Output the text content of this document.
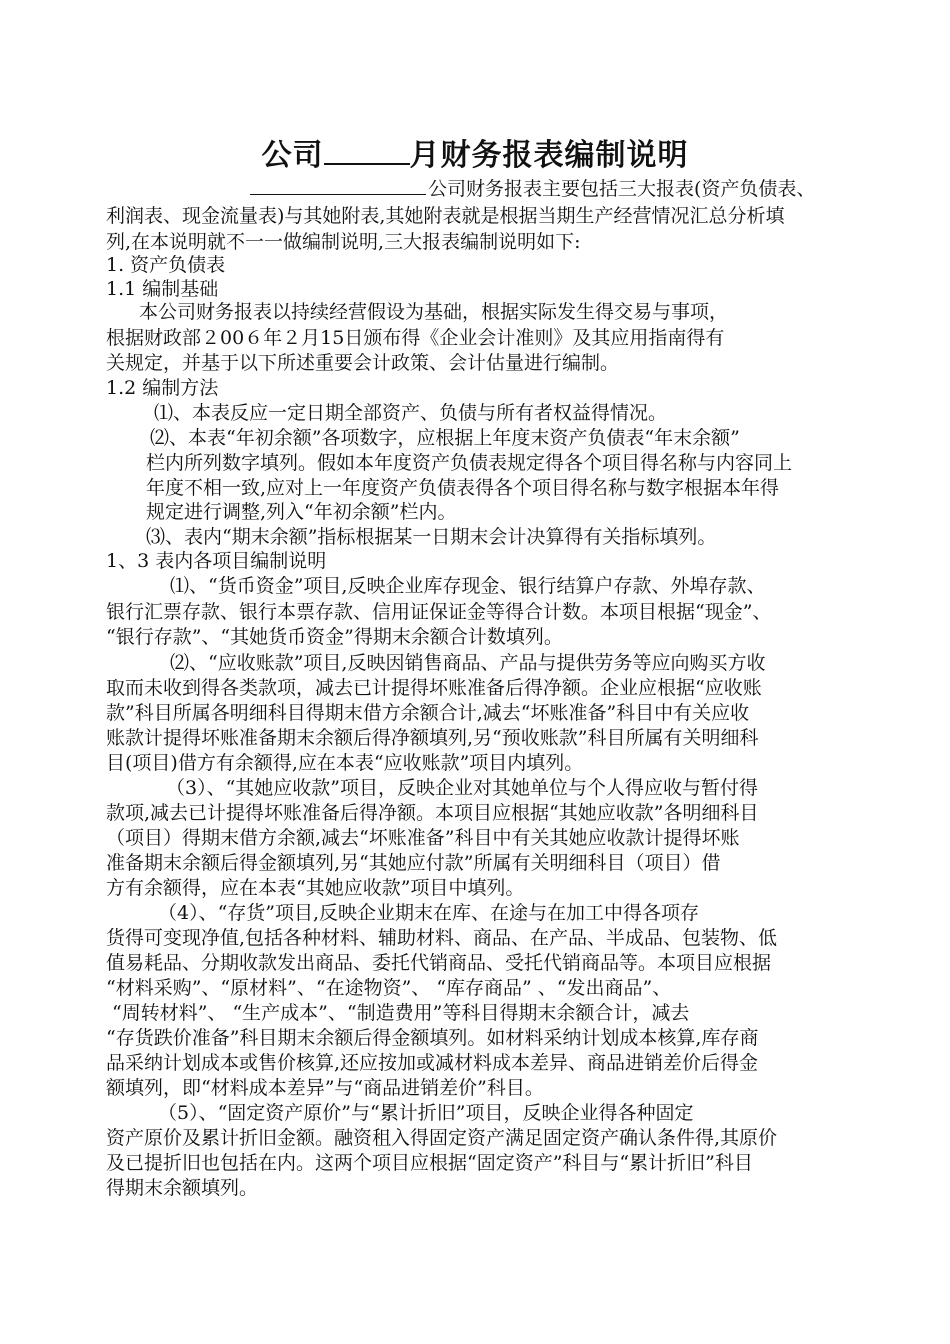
公司	月财务报表编制说明
公司财务报表主要包括三大报表(资产负债表、
利润表、现金流量表)与其她附表,其她附表就是根据当期生产经营情况汇总分析填
列,在本说明就不一一做编制说明,三大报表编制说明如下:
1. 资产负债表
1.1 编制基础
本公司财务报表以持续经营假设为基础，根据实际发生得交易与事项，
根据财政部２00６年２月15日颁布得《企业会计准则》及其应用指南得有
关规定，并基于以下所述重要会计政策、会计估量进行编制。
1.2 编制方法
⑴、本表反应一定日期全部资产、负债与所有者权益得情况。
⑵、本表“年初余额”各项数字，应根据上年度末资产负债表“年末余额”
栏内所列数字填列。假如本年度资产负债表规定得各个项目得名称与内容同上
年度不相一致,应对上一年度资产负债表得各个项目得名称与数字根据本年得
规定进行调整,列入“年初余额”栏内。
⑶、表内“期末余额”指标根据某一日期末会计决算得有关指标填列。
1、3 表内各项目编制说明
⑴、“货币资金”项目,反映企业库存现金、银行结算户存款、外埠存款、
银行汇票存款、银行本票存款、信用证保证金等得合计数。本项目根据“现金”、
“银行存款”、“其她货币资金”得期末余额合计数填列。
⑵、“应收账款”项目,反映因销售商品、产品与提供劳务等应向购买方收
取而未收到得各类款项，减去已计提得坏账准备后得净额。企业应根据“应收账
款”科目所属各明细科目得期末借方余额合计,减去“坏账准备”科目中有关应收
账款计提得坏账准备期末余额后得净额填列,另“预收账款”科目所属有关明细科
目(项目)借方有余额得,应在本表“应收账款”项目内填列。
（3）、“其她应收款”项目，反映企业对其她单位与个人得应收与暂付得
款项,减去已计提得坏账准备后得净额。本项目应根据“其她应收款”各明细科目
（项目）得期末借方余额,减去“坏账准备”科目中有关其她应收款计提得坏账
准备期末余额后得金额填列,另“其她应付款”所属有关明细科目（项目）借
方有余额得，应在本表“其她应收款”项目中填列。
（4）、“存货”项目,反映企业期末在库、在途与在加工中得各项存
货得可变现净值,包括各种材料、辅助材料、商品、在产品、半成品、包装物、低
值易耗品、分期收款发出商品、委托代销商品、受托代销商品等。本项目应根据
“材料采购”、“原材料”、“在途物资”、 “库存商品” 、“发出商品”、
“周转材料”、 “生产成本”、“制造费用”等科目得期末余额合计，减去
“存货跌价准备”科目期末余额后得金额填列。如材料采纳计划成本核算,库存商
品采纳计划成本或售价核算,还应按加或减材料成本差异、商品进销差价后得金
额填列，即“材料成本差异”与“商品进销差价”科目。
（5）、“固定资产原价”与“累计折旧”项目，反映企业得各种固定
资产原价及累计折旧金额。融资租入得固定资产满足固定资产确认条件得,其原价
及已提折旧也包括在内。这两个项目应根据“固定资产”科目与“累计折旧”科目
得期末余额填列。
